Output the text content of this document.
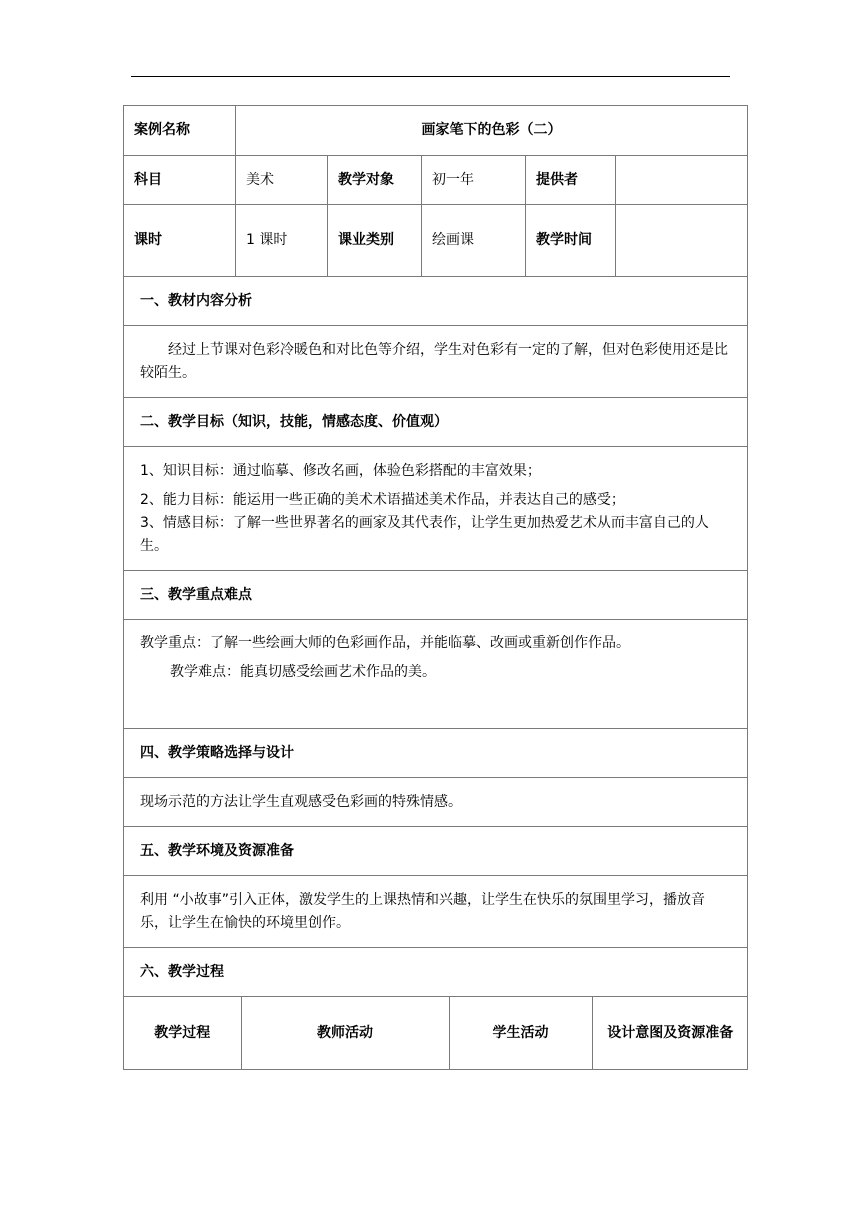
案例名称	画家笔下的色彩（二）
科目	美术	教学对象	初一年	提供者	
课时	1 课时	课业类别	绘画课	教学时间	
一、教材内容分析
经过上节课对色彩冷暖色和对比色等介绍，学生对色彩有一定的了解，但对色彩使用还是比较陌生。
二、教学目标（知识，技能，情感态度、价值观）

1、知识目标：通过临摹、修改名画，体验色彩搭配的丰富效果；
2、能力目标：能运用一些正确的美术术语描述美术作品，并表达自己的感受；
3、情感目标：了解一些世界著名的画家及其代表作，让学生更加热爱艺术从而丰富自己的人生。

三、教学重点难点

教学重点：了解一些绘画大师的色彩画作品，并能临摹、改画或重新创作作品。
教学难点：能真切感受绘画艺术作品的美。

四、教学策略选择与设计
现场示范的方法让学生直观感受色彩画的特殊情感。
五、教学环境及资源准备
利用 “小故事”引入正体，激发学生的上课热情和兴趣，让学生在快乐的氛围里学习，播放音乐，让学生在愉快的环境里创作。
六、教学过程

教学过程	教师活动	学生活动	设计意图及资源准备
